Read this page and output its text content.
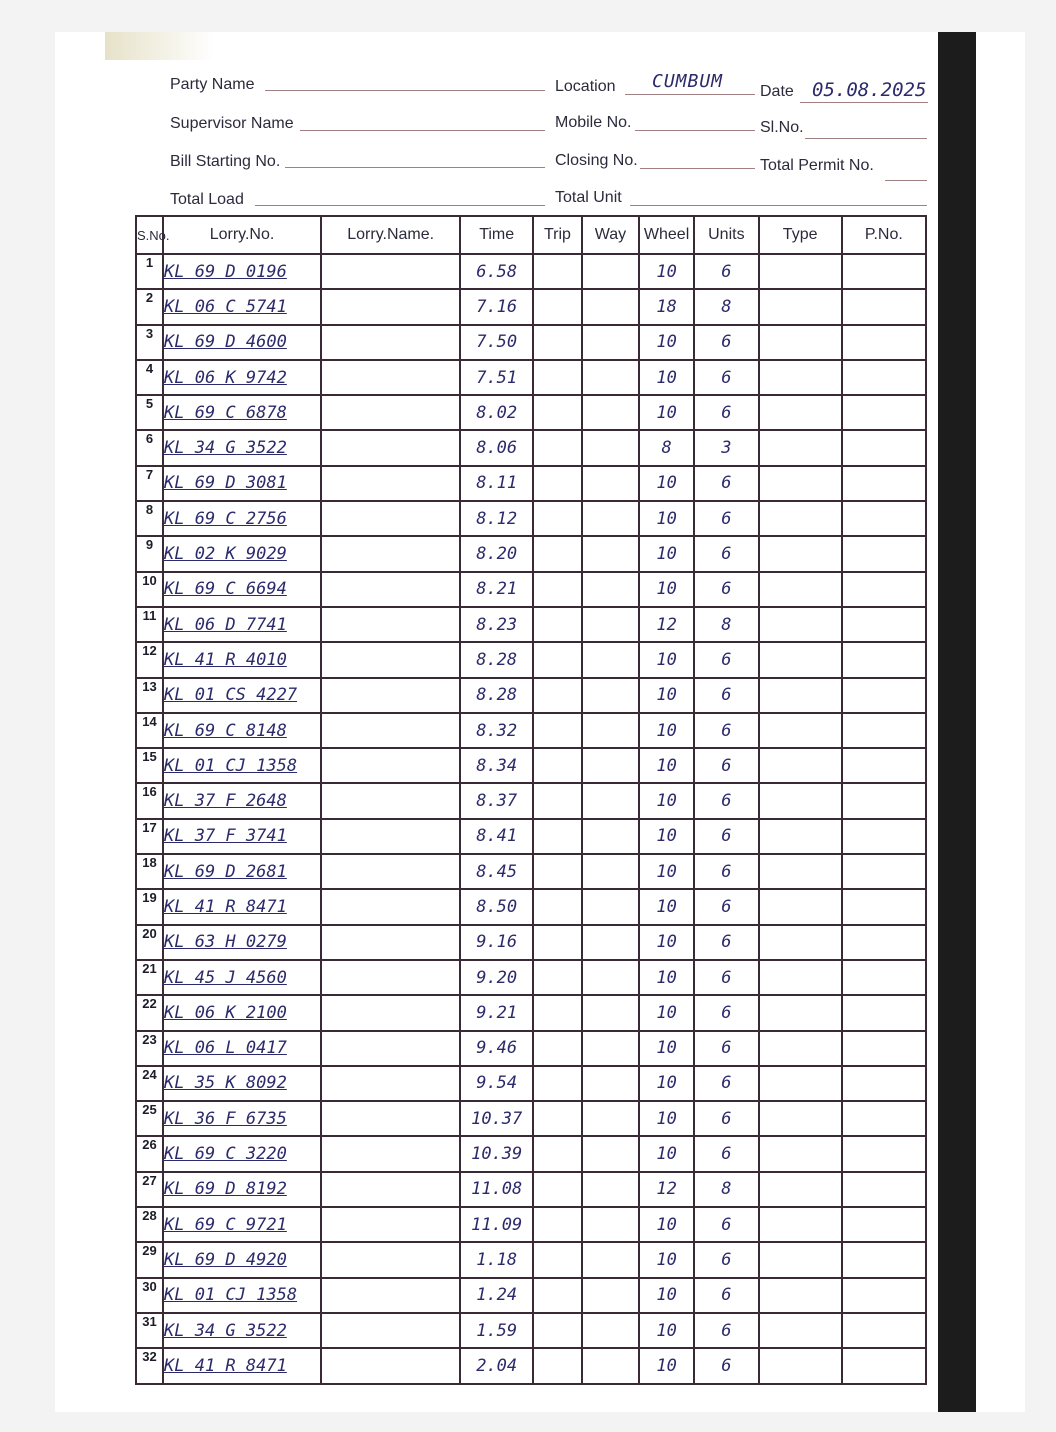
Party Name	Location CUMBUM Date 05.08.2025
Supervisor Name	Mobile No.	Sl.No.
Bill Starting No.	Closing No.	Total Permit No.
Total Load	Total Unit
S.No.	Lorry.No.	Lorry.Name.	Time	Trip	Way	Wheel	Units	Type	P.No.
1	KL 69 D 0196		6.58			10	6		
2	KL 06 C 5741		7.16			18	8		
3	KL 69 D 4600		7.50			10	6		
4	KL 06 K 9742		7.51			10	6		
5	KL 69 C 6878		8.02			10	6		
6	KL 34 G 3522		8.06			8	3		
7	KL 69 D 3081		8.11			10	6		
8	KL 69 C 2756		8.12			10	6		
9	KL 02 K 9029		8.20			10	6		
10	KL 69 C 6694		8.21			10	6		
11	KL 06 D 7741		8.23			12	8		
12	KL 41 R 4010		8.28			10	6		
13	KL 01 CS 4227		8.28			10	6		
14	KL 69 C 8148		8.32			10	6		
15	KL 01 CJ 1358		8.34			10	6		
16	KL 37 F 2648		8.37			10	6		
17	KL 37 F 3741		8.41			10	6		
18	KL 69 D 2681		8.45			10	6		
19	KL 41 R 8471		8.50			10	6		
20	KL 63 H 0279		9.16			10	6		
21	KL 45 J 4560		9.20			10	6		
22	KL 06 K 2100		9.21			10	6		
23	KL 06 L 0417		9.46			10	6		
24	KL 35 K 8092		9.54			10	6		
25	KL 36 F 6735		10.37			10	6		
26	KL 69 C 3220		10.39			10	6		
27	KL 69 D 8192		11.08			12	8		
28	KL 69 C 9721		11.09			10	6		
29	KL 69 D 4920		1.18			10	6		
30	KL 01 CJ 1358		1.24			10	6		
31	KL 34 G 3522		1.59			10	6		
32	KL 41 R 8471		2.04			10	6		
